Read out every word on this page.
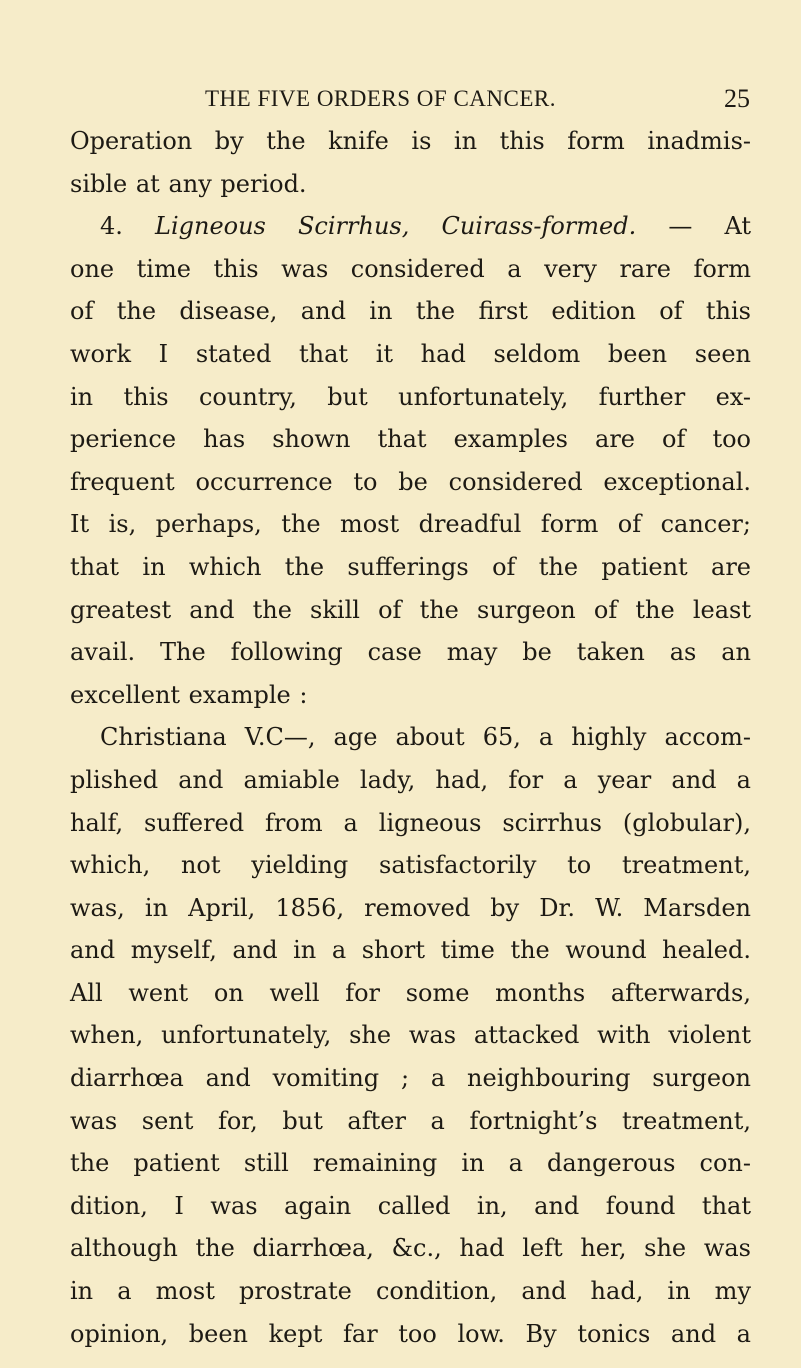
THE FIVE ORDERS OF CANCER.	25
Operation by the knife is in this form inadmis-
sible at any period.
4. Ligneous Scirrhus, Cuirass-formed. — At
one time this was considered a very rare form
of the disease, and in the first edition of this
work I stated that it had seldom been seen
in this country, but unfortunately, further ex-
perience has shown that examples are of too
frequent occurrence to be considered exceptional.
It is, perhaps, the most dreadful form of cancer;
that in which the sufferings of the patient are
greatest and the skill of the surgeon of the least
avail. The following case may be taken as an
excellent example :
Christiana V.C—, age about 65, a highly accom-
plished and amiable lady, had, for a year and a
half, suffered from a ligneous scirrhus (globular),
which, not yielding satisfactorily to treatment,
was, in April, 1856, removed by Dr. W. Marsden
and myself, and in a short time the wound healed.
All went on well for some months afterwards,
when, unfortunately, she was attacked with violent
diarrhœa and vomiting ; a neighbouring surgeon
was sent for, but after a fortnight’s treatment,
the patient still remaining in a dangerous con-
dition, I was again called in, and found that
although the diarrhœa, &c., had left her, she was
in a most prostrate condition, and had, in my
opinion, been kept far too low. By tonics and a
